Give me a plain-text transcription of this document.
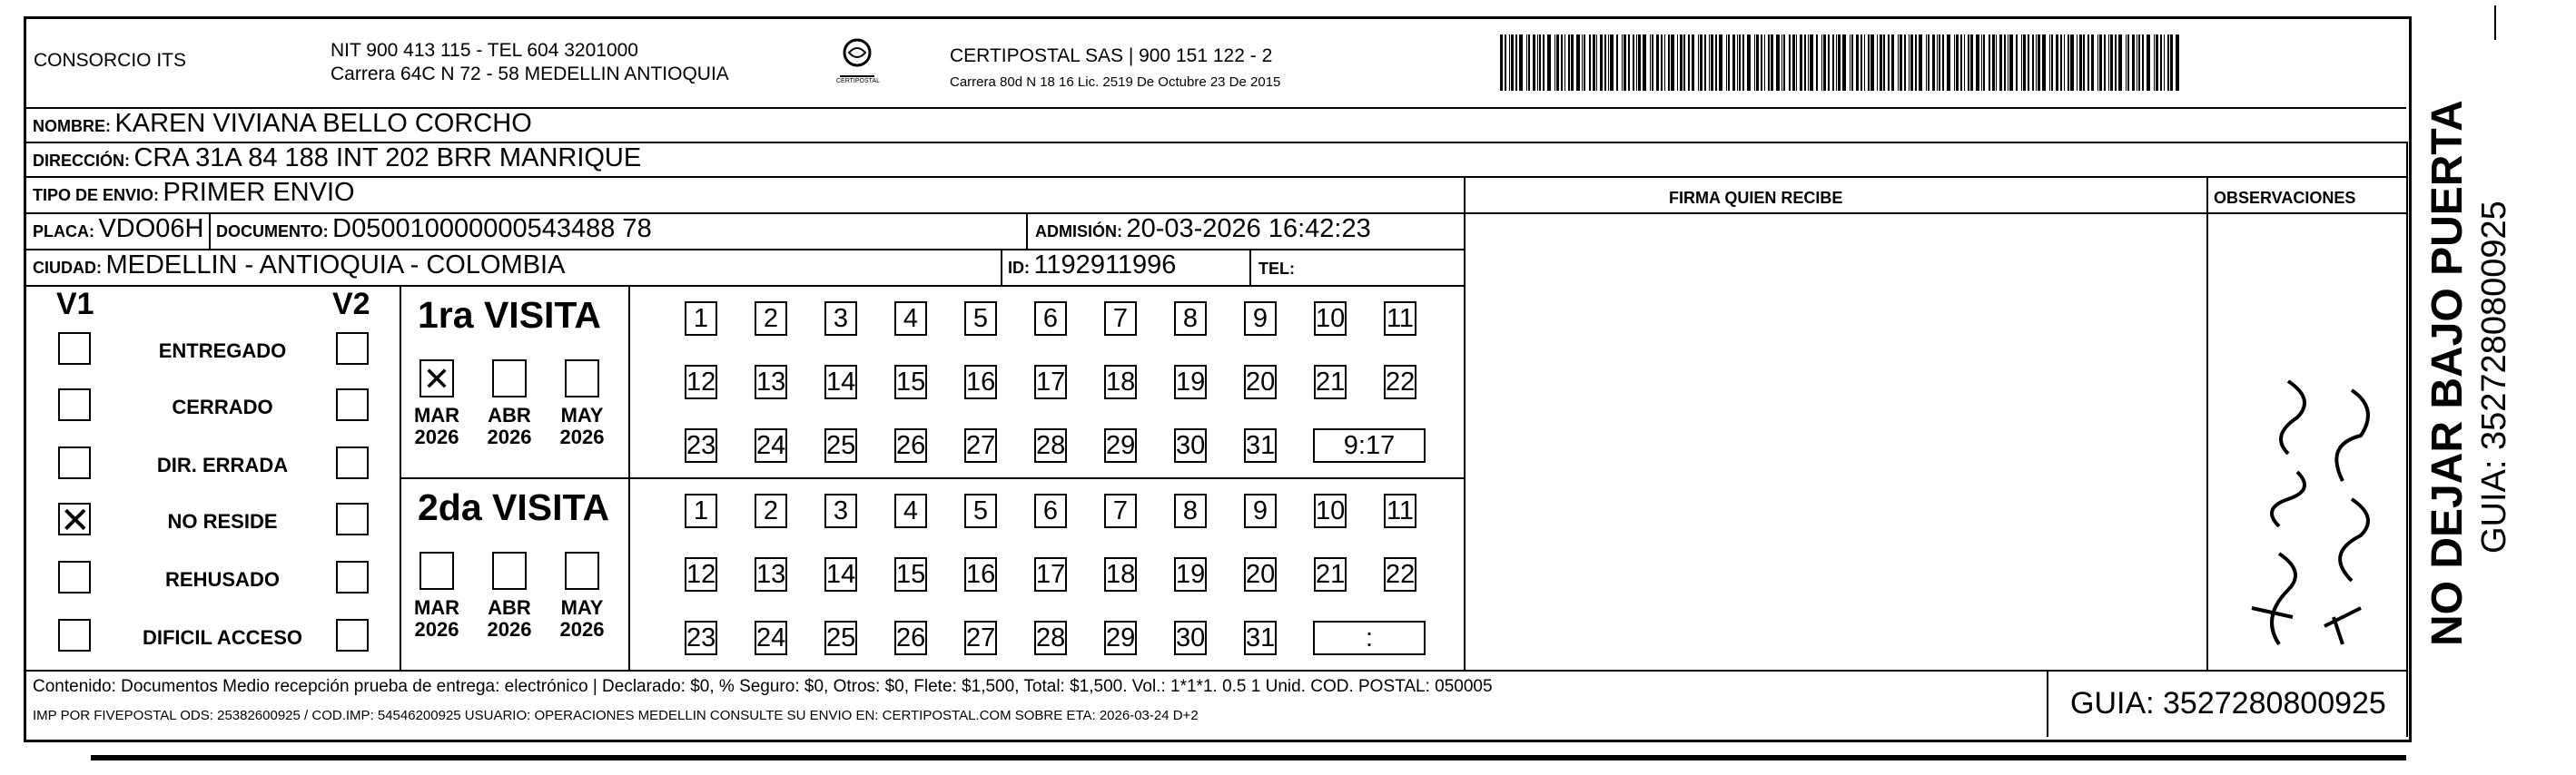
CONSORCIO ITS	NIT 900 413 115 - TEL 604 3201000
Carrera 64C N 72 - 58 MEDELLIN ANTIOQUIA	CERTIPOSTAL
CERTIPOSTAL SAS | 900 151 122 - 2
Carrera 80d N 18 16 Lic. 2519 De Octubre 23 De 2015
NOMBRE: KAREN VIVIANA BELLO CORCHO
DIRECCIÓN: CRA 31A 84 188 INT 202 BRR MANRIQUE
TIPO DE ENVIO: PRIMER ENVIO	FIRMA QUIEN RECIBE	OBSERVACIONES
PLACA: VDO06H DOCUMENTO: D050010000000543488 78	ADMISIÓN: 20-03-2026 16:42:23
CIUDAD: MEDELLIN - ANTIOQUIA - COLOMBIA	ID: 1192911996	TEL:
V1	V2
ENTREGADO
CERRADO
DIR. ERRADA
✕	NO RESIDE
REHUSADO
DIFICIL ACCESO
1ra VISITA
2da VISITA
✕
MAR
2026
ABR
2026
MAY
2026
1	2	3	4	5	6	7	8	9	10 11
12 13 14 15 16 17 18 19 20 21 22
23 24 25 26 27 28 29 30 31	9:17
MAR
2026
ABR
2026
MAY
2026
1	2	3	4	5	6	7	8	9	10 11
12 13 14 15 16 17 18 19 20 21 22
23 24 25 26 27 28 29 30 31	:	NO DEJAR BAJO PUERTA GUIA: 3527280800925
Contenido: Documentos Medio recepción prueba de entrega: electrónico | Declarado: $0, % Seguro: $0, Otros: $0, Flete: $1,500, Total: $1,500. Vol.: 1*1*1. 0.5 1 Unid. COD. POSTAL: 050005
IMP POR FIVEPOSTAL ODS: 25382600925 / COD.IMP: 54546200925 USUARIO: OPERACIONES MEDELLIN CONSULTE SU ENVIO EN: CERTIPOSTAL.COM SOBRE ETA: 2026-03-24 D+2	GUIA: 3527280800925
